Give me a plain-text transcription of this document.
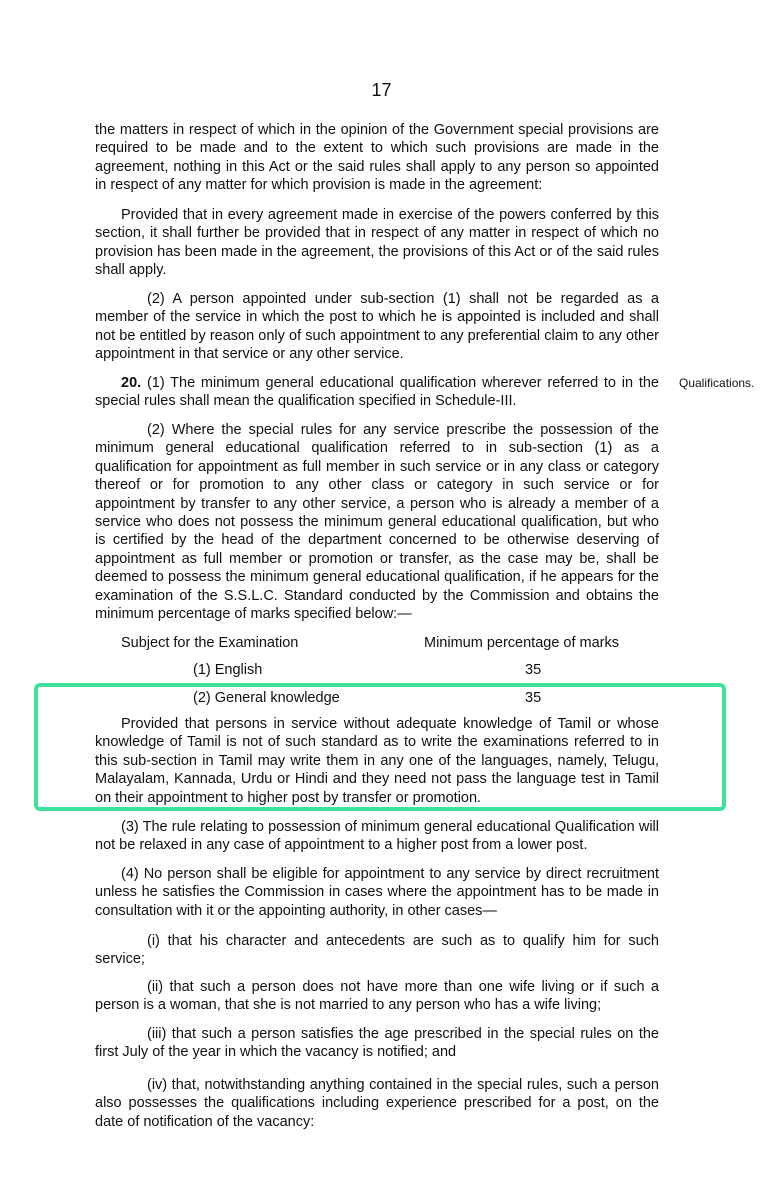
17

the matters in respect of which in the opinion of the Government special provisions are required to be made and to the extent to which such provisions are made in the agreement, nothing in this Act or the said rules shall apply to any person so appointed in respect of any matter for which provision is made in the agreement:

Provided that in every agreement made in exercise of the powers conferred by this section, it shall further be provided that in respect of any matter in respect of which no provision has been made in the agreement, the provisions of this Act or of the said rules shall apply.

(2) A person appointed under sub-section (1) shall not be regarded as a member of the service in which the post to which he is appointed is included and shall not be entitled by reason only of such appointment to any preferential claim to any other appointment in that service or any other service.

20. (1) The minimum general educational qualification wherever referred to in the special rules shall mean the qualification specified in Schedule-III.

Qualifications.

(2) Where the special rules for any service prescribe the possession of the minimum general educational qualification referred to in sub-section (1) as a qualification for appointment as full member in such service or in any class or category thereof or for promotion to any other class or category in such service or for appointment by transfer to any other service, a person who is already a member of a service who does not possess the minimum general educational qualification, but who is certified by the head of the department concerned to be otherwise deserving of appointment as full member or promotion or transfer, as the case may be, shall be deemed to possess the minimum general educational qualification, if he appears for the examination of the S.S.L.C. Standard conducted by the Commission and obtains the minimum percentage of marks specified below:—

Subject for the Examination	Minimum percentage of marks
(1) English	35
(2) General knowledge	35

Provided that persons in service without adequate knowledge of Tamil or whose knowledge of Tamil is not of such standard as to write the examinations referred to in this sub-section in Tamil may write them in any one of the languages, namely, Telugu, Malayalam, Kannada, Urdu or Hindi and they need not pass the language test in Tamil on their appointment to higher post by transfer or promotion.

(3) The rule relating to possession of minimum general educational Qualification will not be relaxed in any case of appointment to a higher post from a lower post.

(4) No person shall be eligible for appointment to any service by direct recruitment unless he satisfies the Commission in cases where the appointment has to be made in consultation with it or the appointing authority, in other cases—

(i) that his character and antecedents are such as to qualify him for such service;

(ii) that such a person does not have more than one wife living or if such a person is a woman, that she is not married to any person who has a wife living;

(iii) that such a person satisfies the age prescribed in the special rules on the first July of the year in which the vacancy is notified; and

(iv) that, notwithstanding anything contained in the special rules, such a person also possesses the qualifications including experience prescribed for a post, on the date of notification of the vacancy:
